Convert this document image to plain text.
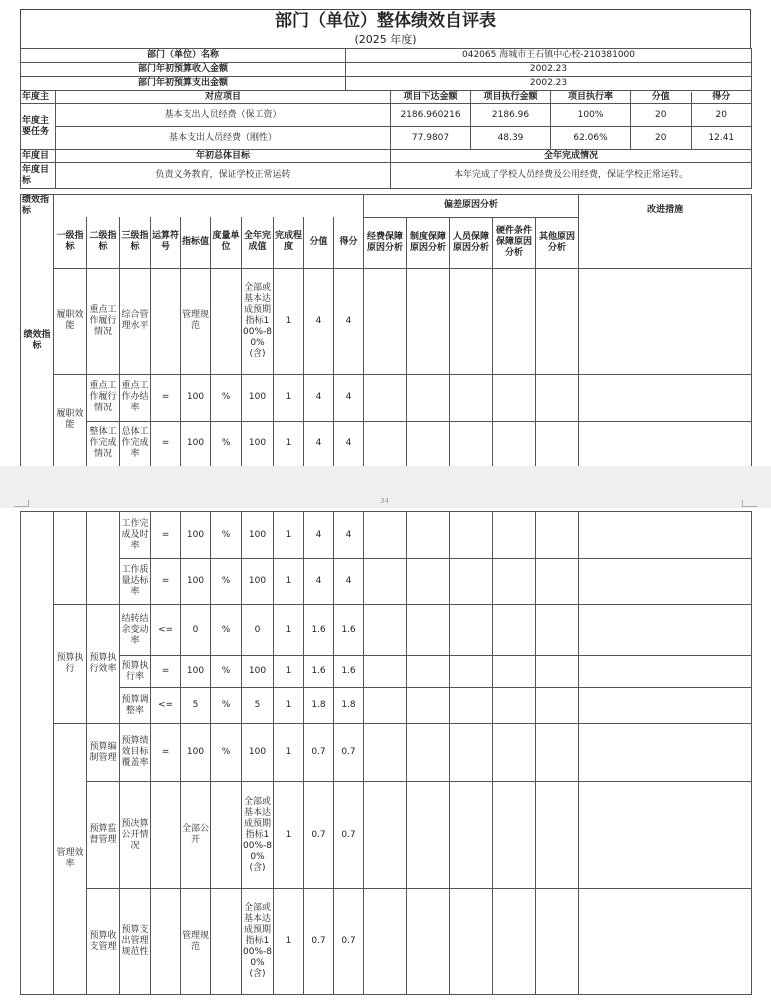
部门（单位）整体绩效自评表
(2025 年度)
部门（单位）名称		042065 海城市王石镇中心校-210381000				
部门年初预算收入金额		2002.23				
部门年初预算支出金额		2002.23				
年度主	对应项目		项目下达金额	项目执行金额	项目执行率	分值 得分

年度主要任务	基本支出人员经费（保工资）		2186.960216	2186.96	100%	20 20

	基本支出人员经费（刚性）		77.9807	48.39	62.06%	20 12.41

年度目	年初总体目标		全年完成情况			
年度目标	负责义务教育，保证学校正常运转		本年完成了学校人员经费及公用经费，保证学校正常运转。			
绩效指标											偏差原因分析					改进措施
绩效指标	一级指标	二级指标	三级指标	运算符号	指标值	度量单位	全年完成值	完成程度	分值	得分	经费保障原因分析	制度保障原因分析	人员保障原因分析	硬件条件保障原因分析	其他原因分析	
	履职效能	重点工作履行情况	综合管理水平		管理规范		全部或基本达成预期指标100%-80%(含)	1	4	4						
	履职效能	重点工作履行情况	重点工作办结率	=	100	%	100	1	4	4						
		整体工作完成情况	总体工作完成率	=	100	%	100	1	4	4						
34
			工作完成及时率	=	100	%	100	1	4	4						
			工作质量达标率	=	100	%	100	1	4	4						
	预算执行	预算执行效率	结转结余变动率	<=	0	%	0	1	1.6	1.6						
			预算执行率	=	100	%	100	1	1.6	1.6						
			预算调整率	<=	5	%	5	1	1.8	1.8						
	管理效率	预算编制管理	预算绩效目标覆盖率	=	100	%	100	1	0.7	0.7						
		预算监督管理	预决算公开情况		全部公开		全部或基本达成预期指标100%-80%(含)	1	0.7	0.7						
		预算收支管理	预算支出管理规范性		管理规范		全部或基本达成预期指标100%-80%(含)	1	0.7	0.7						
